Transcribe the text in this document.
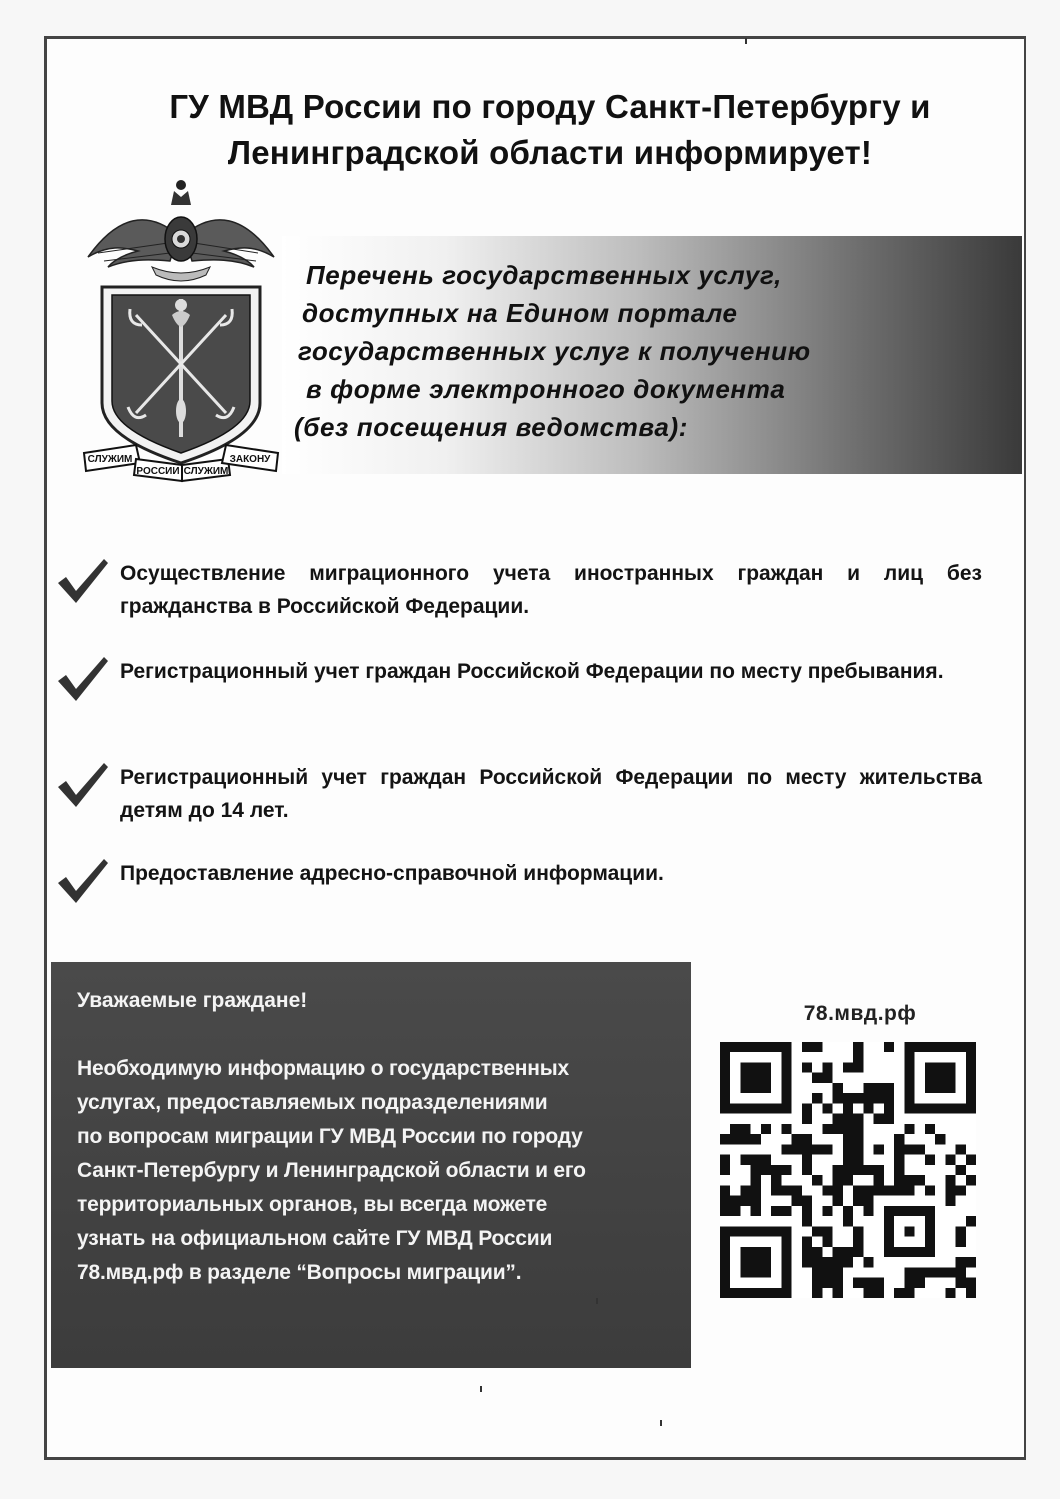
ГУ МВД России по городу Санкт-Петербургу и
Ленинградской области информирует!
СЛУЖИМ
РОССИИ СЛУЖИМ
ЗАКОНУ
Перечень государственных услуг,
доступных на Едином портале
государственных услуг к получению
в форме электронного документа
(без посещения ведомства):
Осуществление миграционного учета иностранных граждан и лиц без гражданства в Российской Федерации.
Регистрационный учет граждан Российской Федерации по месту пребывания.
Регистрационный учет граждан Российской Федерации по месту жительства детям до 14 лет.
Предоставление адресно-справочной информации.
Уважаемые граждане!
Необходимую информацию о государственных
услугах, предоставляемых подразделениями
по вопросам миграции ГУ МВД России по городу
Санкт-Петербургу и Ленинградской области и его
территориальных органов, вы всегда можете
узнать на официальном сайте ГУ МВД России
78.мвд.рф в разделе “Вопросы миграции”.
78.мвд.рф
